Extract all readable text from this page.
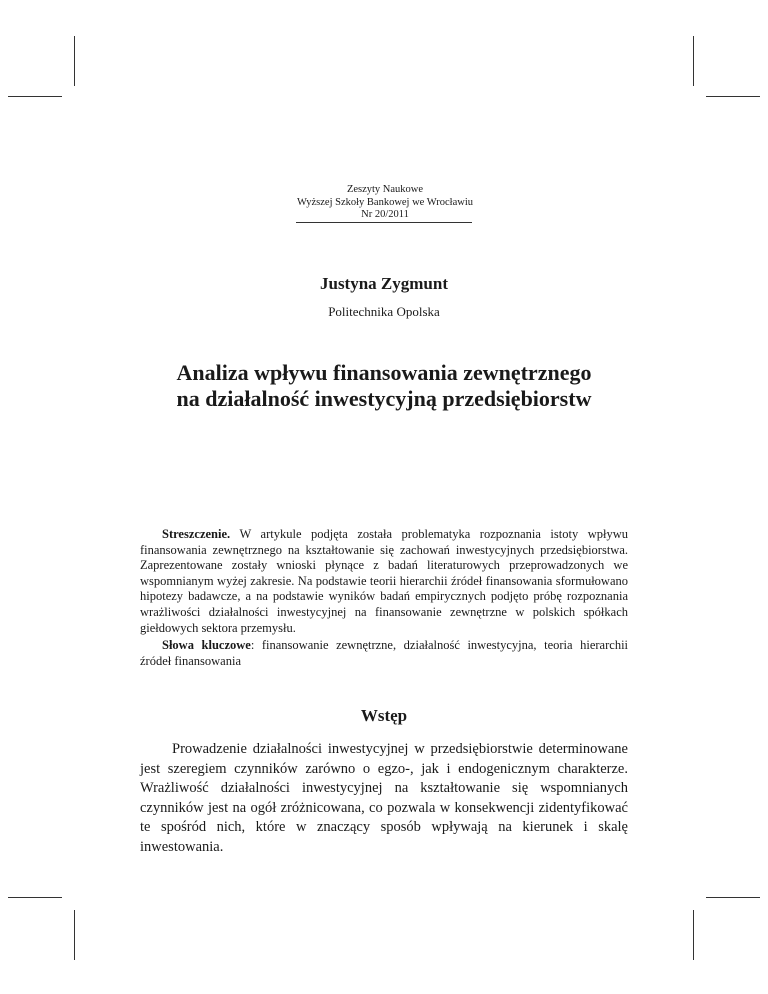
Zeszyty Naukowe
Wyższej Szkoły Bankowej we Wrocławiu
Nr 20/2011
Justyna Zygmunt
Politechnika Opolska
Analiza wpływu finansowania zewnętrznego
na działalność inwestycyjną przedsiębiorstw

Streszczenie. W artykule podjęta została problematyka rozpoznania istoty wpływu finansowania zewnętrznego na kształtowanie się zachowań inwestycyjnych przedsiębiorstwa. Zaprezentowane zostały wnioski płynące z badań literaturowych przeprowadzonych we wspomnianym wyżej zakresie. Na podstawie teorii hierarchii źródeł finansowania sformułowano hipotezy badawcze, a na podstawie wyników badań empirycznych podjęto próbę rozpoznania wrażliwości działalności inwestycyjnej na finansowanie zewnętrzne w polskich spółkach giełdowych sektora przemysłu.

Słowa kluczowe: finansowanie zewnętrzne, działalność inwestycyjna, teoria hierarchii źródeł finansowania

Wstęp

Prowadzenie działalności inwestycyjnej w przedsiębiorstwie determinowane jest szeregiem czynników zarówno o egzo-, jak i endogenicznym charakterze. Wrażliwość działalności inwestycyjnej na kształtowanie się wspomnianych czynników jest na ogół zróżnicowana, co pozwala w konsekwencji zidentyfikować te spośród nich, które w znaczący sposób wpływają na kierunek i skalę inwestowania.
